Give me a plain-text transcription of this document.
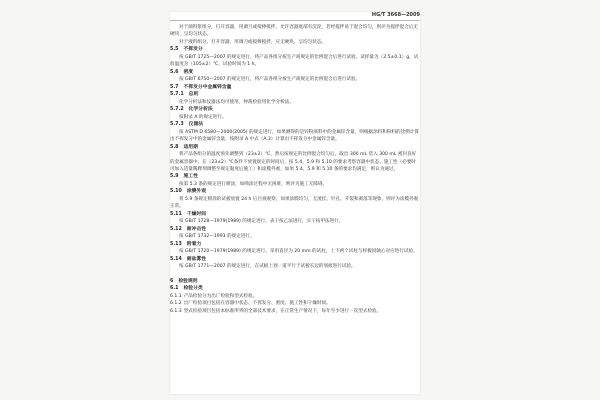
HG/T 3668—2009

对于颜料浆组分，打开容器，用调刀或搅棒搅拌，允许容器底部有沉淀，若经搅拌易于混合均匀，则评为搅拌混合后无硬块，呈均匀状态。

对于液料组分，打开容器，用调刀或搅棒搅拌，应无硬块，呈均匀状态。

5.5 不挥发分

按 GB/T 1725—2007 的规定进行，将产品各组分按生产商规定的比例混合后进行试验。试样量为（2.5±0.1）g，试验温度为（105±2）℃，试验时间为 1 h。

5.6 密度

按 GB/T 6750—2007 的规定进行，将产品各组分按生产商规定的比例混合后进行试验。

5.7 不挥发分中金属锌含量
5.7.1 总则

化学分析法和仪器法均可使用，仲裁检验用化学分析法。

5.7.2 化学分析法

按附录 A 的规定进行。

5.7.3 仪器法

按 ASTM D 6580—2000(2005) 的规定进行，如果测得的是锌粉颜料中的金属锌含量，则根据涂料和粉料的比例计算出不挥发分中的金属锌含量，按附录 A 中式（A.3）计算出不挥发分中金属锌含量。

5.8 适用期

将产品各组分的温度预先调整到（23±2）℃，然后按规定的比例混合均匀后，取出 300 mL 装入 300 mL 密封良好的金属容器中，在（23±2）℃条件下放置规定的时间后，按 5.4、5.9 和 5.10 的要求考察容器中状态、施工性（必要时可加入适量稀释剂调整至规定黏度后施工）和涂膜外观，如果 5.4、5.9 和 5.10 条的要求均满足，则认为通过。

5.9 施工性

按第 5.3 条的规定进行喷涂，如喷涂过程中无困难，则评为施工无障碍。

5.10 涂膜外观

将 5.9 条规定喷涂的试板放置 24 h 后目视观察，如果涂膜均匀，无流挂、针孔、开裂和剥落等现象，则评为涂膜外观正常。

5.11 干燥时间

按 GB/T 1728—1979(1989) 的规定进行，表干按乙法进行，实干按甲法进行。

5.12 耐冲击性

按 GB/T 1732—1993 的规定进行。

5.13 附着力

按 GB/T 1720—1979(1989) 的规定进行，采用直径为 20 mm 的试柱，上下两个试柱与样板同轴心对应进行试验。

5.14 耐盐雾性

按 GB/T 1771—2007 的规定进行，在试板上划一道平行于试板长边的划痕进行试验。

6 检验规则
6.1 检验分类
6.1.1 产品检验分为出厂检验和型式检验。
6.1.2 出厂检验项目包括在容器中状态、不挥发分、密度、施工性和干燥时间。
6.1.3 型式检验项目包括本标准所列的全部技术要求，在正常生产情况下，每年至少进行一次型式检验。
